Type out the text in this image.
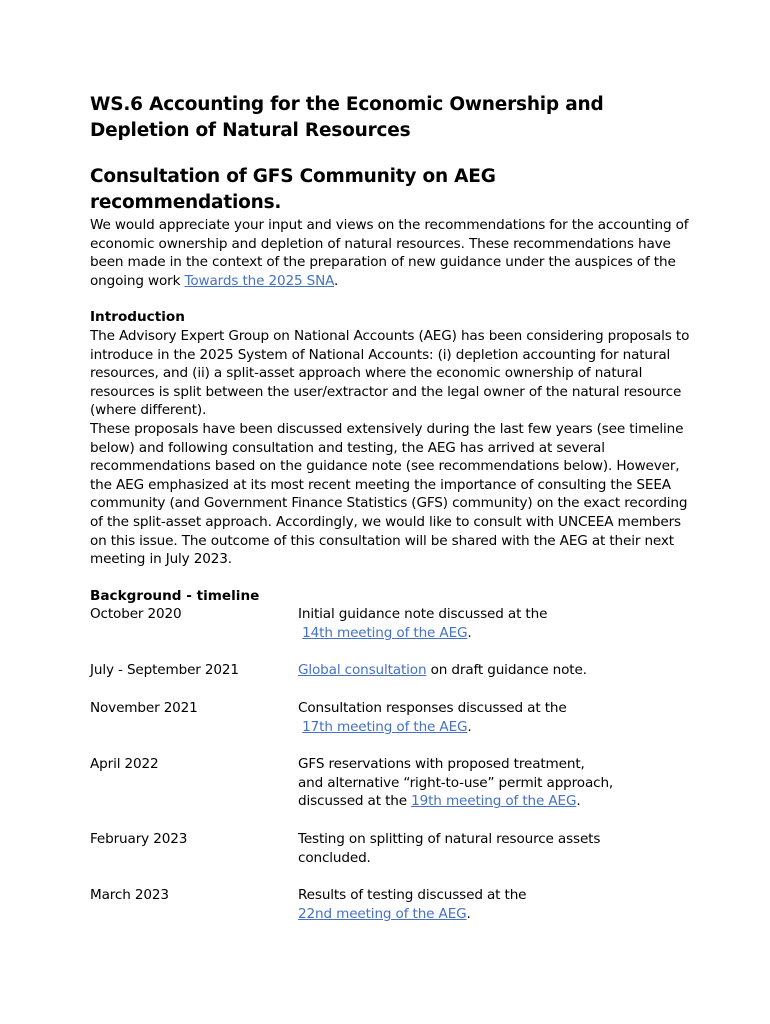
WS.6 Accounting for the Economic Ownership and Depletion of Natural Resources
Consultation of GFS Community on AEG recommendations.

We would appreciate your input and views on the recommendations for the accounting of economic ownership and depletion of natural resources. These recommendations have been made in the context of the preparation of new guidance under the auspices of the ongoing work Towards the 2025 SNA.

Introduction

The Advisory Expert Group on National Accounts (AEG) has been considering proposals to introduce in the 2025 System of National Accounts: (i) depletion accounting for natural resources, and (ii) a split-asset approach where the economic ownership of natural resources is split between the user/extractor and the legal owner of the natural resource (where different).

These proposals have been discussed extensively during the last few years (see timeline below) and following consultation and testing, the AEG has arrived at several recommendations based on the guidance note (see recommendations below). However, the AEG emphasized at its most recent meeting the importance of consulting the SEEA community (and Government Finance Statistics (GFS) community) on the exact recording of the split-asset approach. Accordingly, we would like to consult with UNCEEA members on this issue. The outcome of this consultation will be shared with the AEG at their next meeting in July 2023.

Background - timeline
October 2020	Initial guidance note discussed at the
14th meeting of the AEG.
July - September 2021	Global consultation on draft guidance note.
November 2021	Consultation responses discussed at the
17th meeting of the AEG.
April 2022	GFS reservations with proposed treatment,
and alternative “right-to-use” permit approach,
discussed at the 19th meeting of the AEG.
February 2023	Testing on splitting of natural resource assets
concluded.
March 2023	Results of testing discussed at the
22nd meeting of the AEG.
